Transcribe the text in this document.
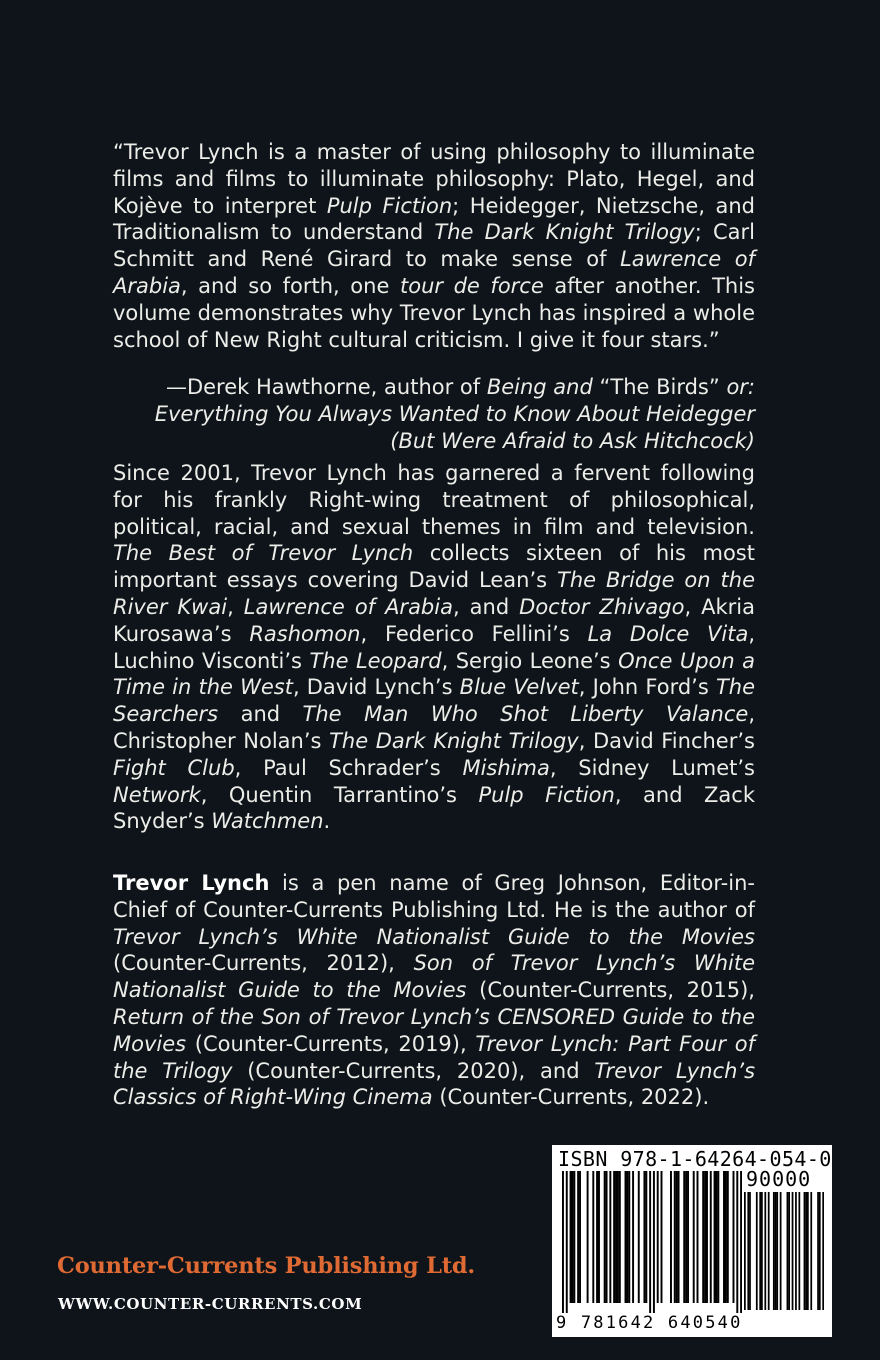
“Trevor Lynch is a master of using philosophy to illuminate films and films to illuminate philosophy: Plato, Hegel, and Kojève to interpret Pulp Fiction; Heidegger, Nietzsche, and Traditionalism to understand The Dark Knight Trilogy; Carl Schmitt and René Girard to make sense of Lawrence of Arabia, and so forth, one tour de force after another. This volume demonstrates why Trevor Lynch has inspired a whole school of New Right cultural criticism. I give it four stars.”

—Derek Hawthorne, author of Being and “The Birds” or:
Everything You Always Wanted to Know About Heidegger
(But Were Afraid to Ask Hitchcock)

Since 2001, Trevor Lynch has garnered a fervent following for his frankly Right-wing treatment of philosophical, political, racial, and sexual themes in film and television. The Best of Trevor Lynch collects sixteen of his most important essays covering David Lean’s The Bridge on the River Kwai, Lawrence of Arabia, and Doctor Zhivago, Akria Kurosawa’s Rashomon, Federico Fellini’s La Dolce Vita, Luchino Visconti’s The Leopard, Sergio Leone’s Once Upon a Time in the West, David Lynch’s Blue Velvet, John Ford’s The Searchers and The Man Who Shot Liberty Valance, Christopher Nolan’s The Dark Knight Trilogy, David Fincher’s Fight Club, Paul Schrader’s Mishima, Sidney Lumet’s Network, Quentin Tarrantino’s Pulp Fiction, and Zack Snyder’s Watchmen.

Trevor Lynch is a pen name of Greg Johnson, Editor-in-Chief of Counter-Currents Publishing Ltd. He is the author of Trevor Lynch’s White Nationalist Guide to the Movies (Counter-Currents, 2012), Son of Trevor Lynch’s White Nationalist Guide to the Movies (Counter-Currents, 2015), Return of the Son of Trevor Lynch’s CENSORED Guide to the Movies (Counter-Currents, 2019), Trevor Lynch: Part Four of the Trilogy (Counter-Currents, 2020), and Trevor Lynch’s Classics of Right-Wing Cinema (Counter-Currents, 2022).

Counter-Currents Publishing Ltd.
WWW.COUNTER-CURRENTS.COM
ISBN 978-1-64264-054-0
90000
9 781642 640540
